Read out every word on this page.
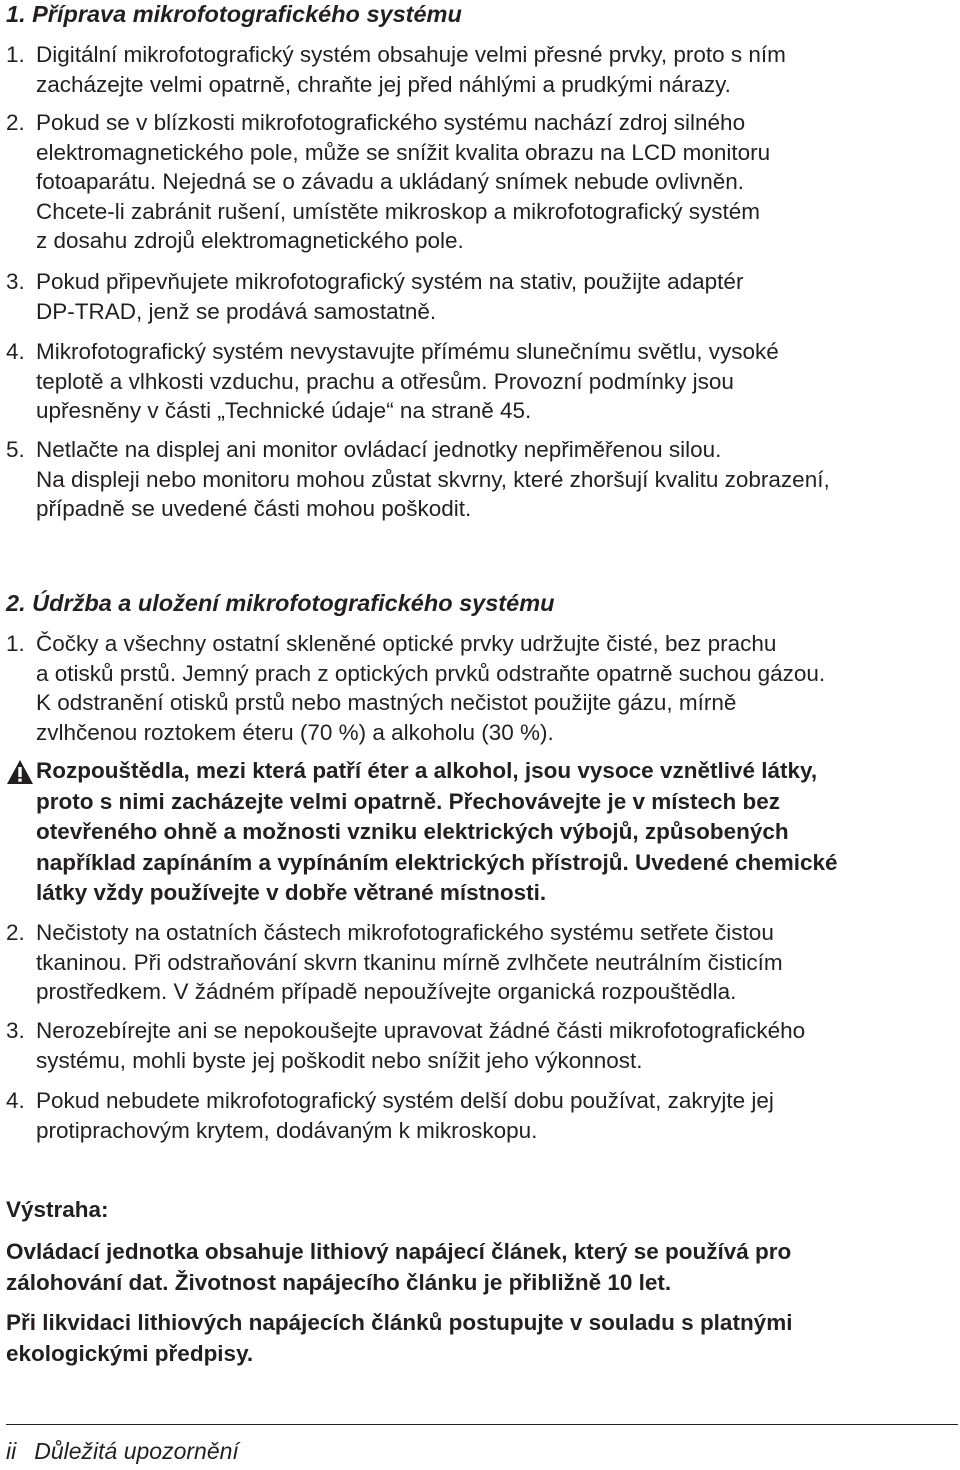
1. Příprava mikrofotografického systému
1. Digitální mikrofotografický systém obsahuje velmi přesné prvky, proto s ním
zacházejte velmi opatrně, chraňte jej před náhlými a prudkými nárazy.
2. Pokud se v blízkosti mikrofotografického systému nachází zdroj silného
elektromagnetického pole, může se snížit kvalita obrazu na LCD monitoru
fotoaparátu. Nejedná se o závadu a ukládaný snímek nebude ovlivněn.
Chcete-li zabránit rušení, umístěte mikroskop a mikrofotografický systém
z dosahu zdrojů elektromagnetického pole.
3. Pokud připevňujete mikrofotografický systém na stativ, použijte adaptér
DP-TRAD, jenž se prodává samostatně.
4. Mikrofotografický systém nevystavujte přímému slunečnímu světlu, vysoké
teplotě a vlhkosti vzduchu, prachu a otřesům. Provozní podmínky jsou
upřesněny v části „Technické údaje“ na straně 45.
5. Netlačte na displej ani monitor ovládací jednotky nepřiměřenou silou.
Na displeji nebo monitoru mohou zůstat skvrny, které zhoršují kvalitu zobrazení,
případně se uvedené části mohou poškodit.
2. Údržba a uložení mikrofotografického systému
1. Čočky a všechny ostatní skleněné optické prvky udržujte čisté, bez prachu
a otisků prstů. Jemný prach z optických prvků odstraňte opatrně suchou gázou.
K odstranění otisků prstů nebo mastných nečistot použijte gázu, mírně
zvlhčenou roztokem éteru (70 %) a alkoholu (30 %).
Rozpouštědla, mezi která patří éter a alkohol, jsou vysoce vznětlivé látky,
proto s nimi zacházejte velmi opatrně. Přechovávejte je v místech bez
otevřeného ohně a možnosti vzniku elektrických výbojů, způsobených
například zapínáním a vypínáním elektrických přístrojů. Uvedené chemické
látky vždy používejte v dobře větrané místnosti.
2. Nečistoty na ostatních částech mikrofotografického systému setřete čistou
tkaninou. Při odstraňování skvrn tkaninu mírně zvlhčete neutrálním čisticím
prostředkem. V žádném případě nepoužívejte organická rozpouštědla.
3. Nerozebírejte ani se nepokoušejte upravovat žádné části mikrofotografického
systému, mohli byste jej poškodit nebo snížit jeho výkonnost.
4. Pokud nebudete mikrofotografický systém delší dobu používat, zakryjte jej
protiprachovým krytem, dodávaným k mikroskopu.
Výstraha:
Ovládací jednotka obsahuje lithiový napájecí článek, který se používá pro
zálohování dat. Životnost napájecího článku je přibližně 10 let.
Při likvidaci lithiových napájecích článků postupujte v souladu s platnými
ekologickými předpisy.
ii Důležitá upozornění
